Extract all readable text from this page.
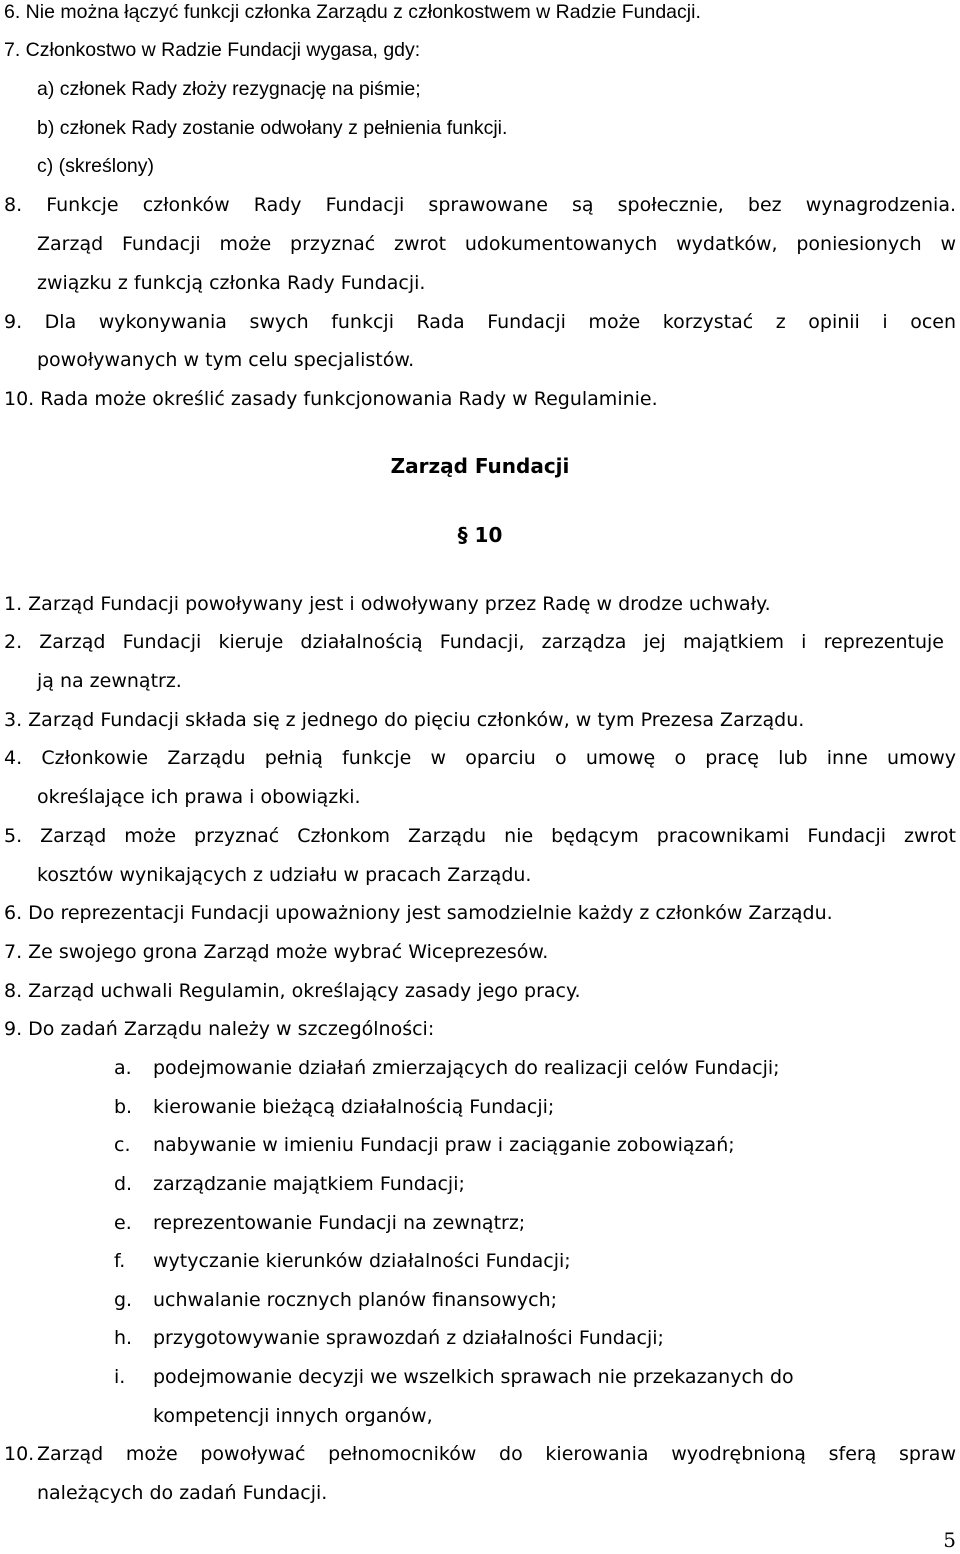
6. Nie można łączyć funkcji członka Zarządu z członkostwem w Radzie Fundacji.
7. Członkostwo w Radzie Fundacji wygasa, gdy:
a) członek Rady złoży rezygnację na piśmie;
b) członek Rady zostanie odwołany z pełnienia funkcji.
c) (skreślony)
8. Funkcje członków Rady Fundacji sprawowane są społecznie, bez wynagrodzenia.
Zarząd Fundacji może przyznać zwrot udokumentowanych wydatków, poniesionych w
związku z funkcją członka Rady Fundacji.
9. Dla wykonywania swych funkcji Rada Fundacji może korzystać z opinii i ocen
powoływanych w tym celu specjalistów.
10. Rada może określić zasady funkcjonowania Rady w Regulaminie.
Zarząd Fundacji
§ 10
1. Zarząd Fundacji powoływany jest i odwoływany przez Radę w drodze uchwały.
2. Zarząd Fundacji kieruje działalnością Fundacji, zarządza jej majątkiem i reprezentuje
ją na zewnątrz.
3. Zarząd Fundacji składa się z jednego do pięciu członków, w tym Prezesa Zarządu.
4. Członkowie Zarządu pełnią funkcje w oparciu o umowę o pracę lub inne umowy
określające ich prawa i obowiązki.
5. Zarząd może przyznać Członkom Zarządu nie będącym pracownikami Fundacji zwrot
kosztów wynikających z udziału w pracach Zarządu.
6. Do reprezentacji Fundacji upoważniony jest samodzielnie każdy z członków Zarządu.
7. Ze swojego grona Zarząd może wybrać Wiceprezesów.
8. Zarząd uchwali Regulamin, określający zasady jego pracy.
9. Do zadań Zarządu należy w szczególności:
a. podejmowanie działań zmierzających do realizacji celów Fundacji;
b. kierowanie bieżącą działalnością Fundacji;
c. nabywanie w imieniu Fundacji praw i zaciąganie zobowiązań;
d. zarządzanie majątkiem Fundacji;
e. reprezentowanie Fundacji na zewnątrz;
f. wytyczanie kierunków działalności Fundacji;
g. uchwalanie rocznych planów finansowych;
h. przygotowywanie sprawozdań z działalności Fundacji;
i. podejmowanie decyzji we wszelkich sprawach nie przekazanych do
kompetencji innych organów,
10. Zarząd może powoływać pełnomocników do kierowania wyodrębnioną sferą spraw
należących do zadań Fundacji.
5
